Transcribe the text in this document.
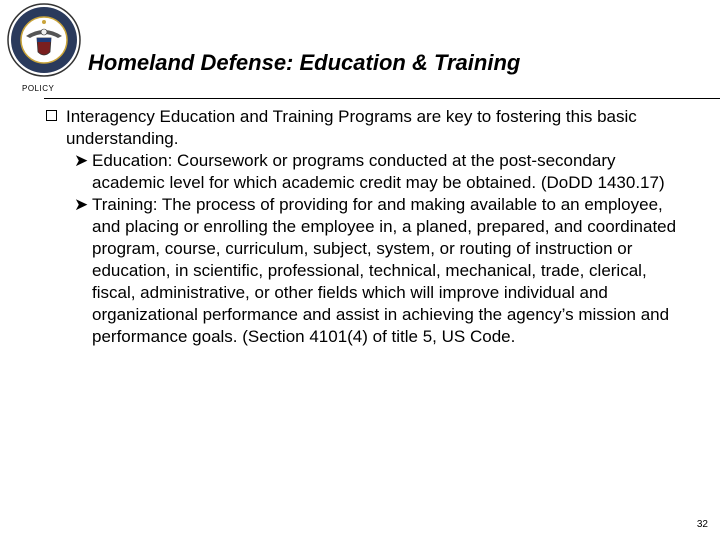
POLICY
Homeland Defense: Education & Training
Interagency Education and Training Programs are key to fostering this basic understanding.
➤ Education: Coursework or programs conducted at the post-secondary academic level for which academic credit may be obtained. (DoDD 1430.17)
➤ Training: The process of providing for and making available to an employee, and placing or enrolling the employee in, a planed, prepared, and coordinated program, course, curriculum, subject, system, or routing of instruction or education, in scientific, professional, technical, mechanical, trade, clerical, fiscal, administrative, or other fields which will improve individual and organizational performance and assist in achieving the agency’s mission and performance goals. (Section 4101(4) of title 5, US Code.
32
